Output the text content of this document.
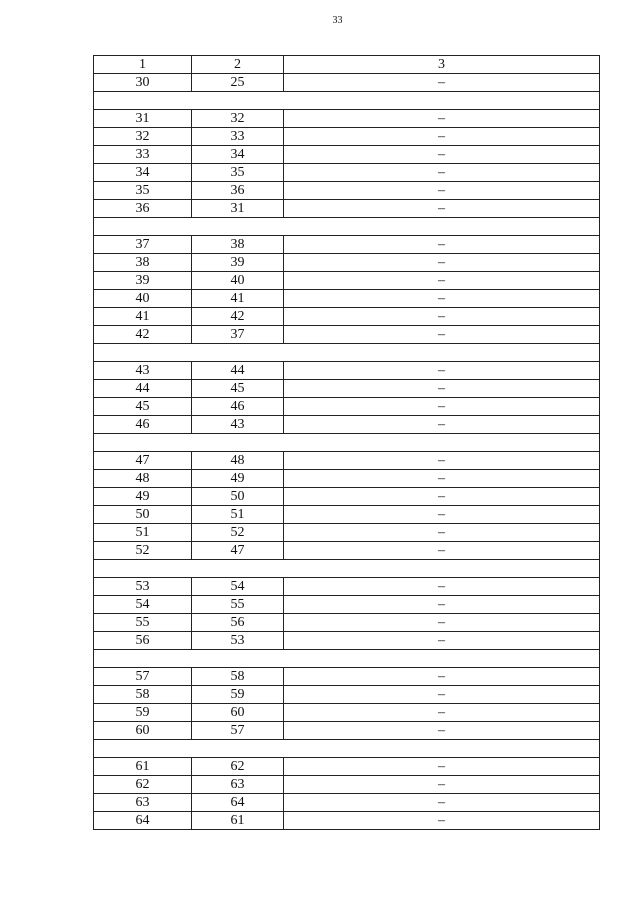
33
1	2	3
30	25	–

31	32	–
32	33	–
33	34	–
34	35	–
35	36	–
36	31	–

37	38	–
38	39	–
39	40	–
40	41	–
41	42	–
42	37	–

43	44	–
44	45	–
45	46	–
46	43	–

47	48	–
48	49	–
49	50	–
50	51	–
51	52	–
52	47	–

53	54	–
54	55	–
55	56	–
56	53	–

57	58	–
58	59	–
59	60	–
60	57	–

61	62	–
62	63	–
63	64	–
64	61	–
